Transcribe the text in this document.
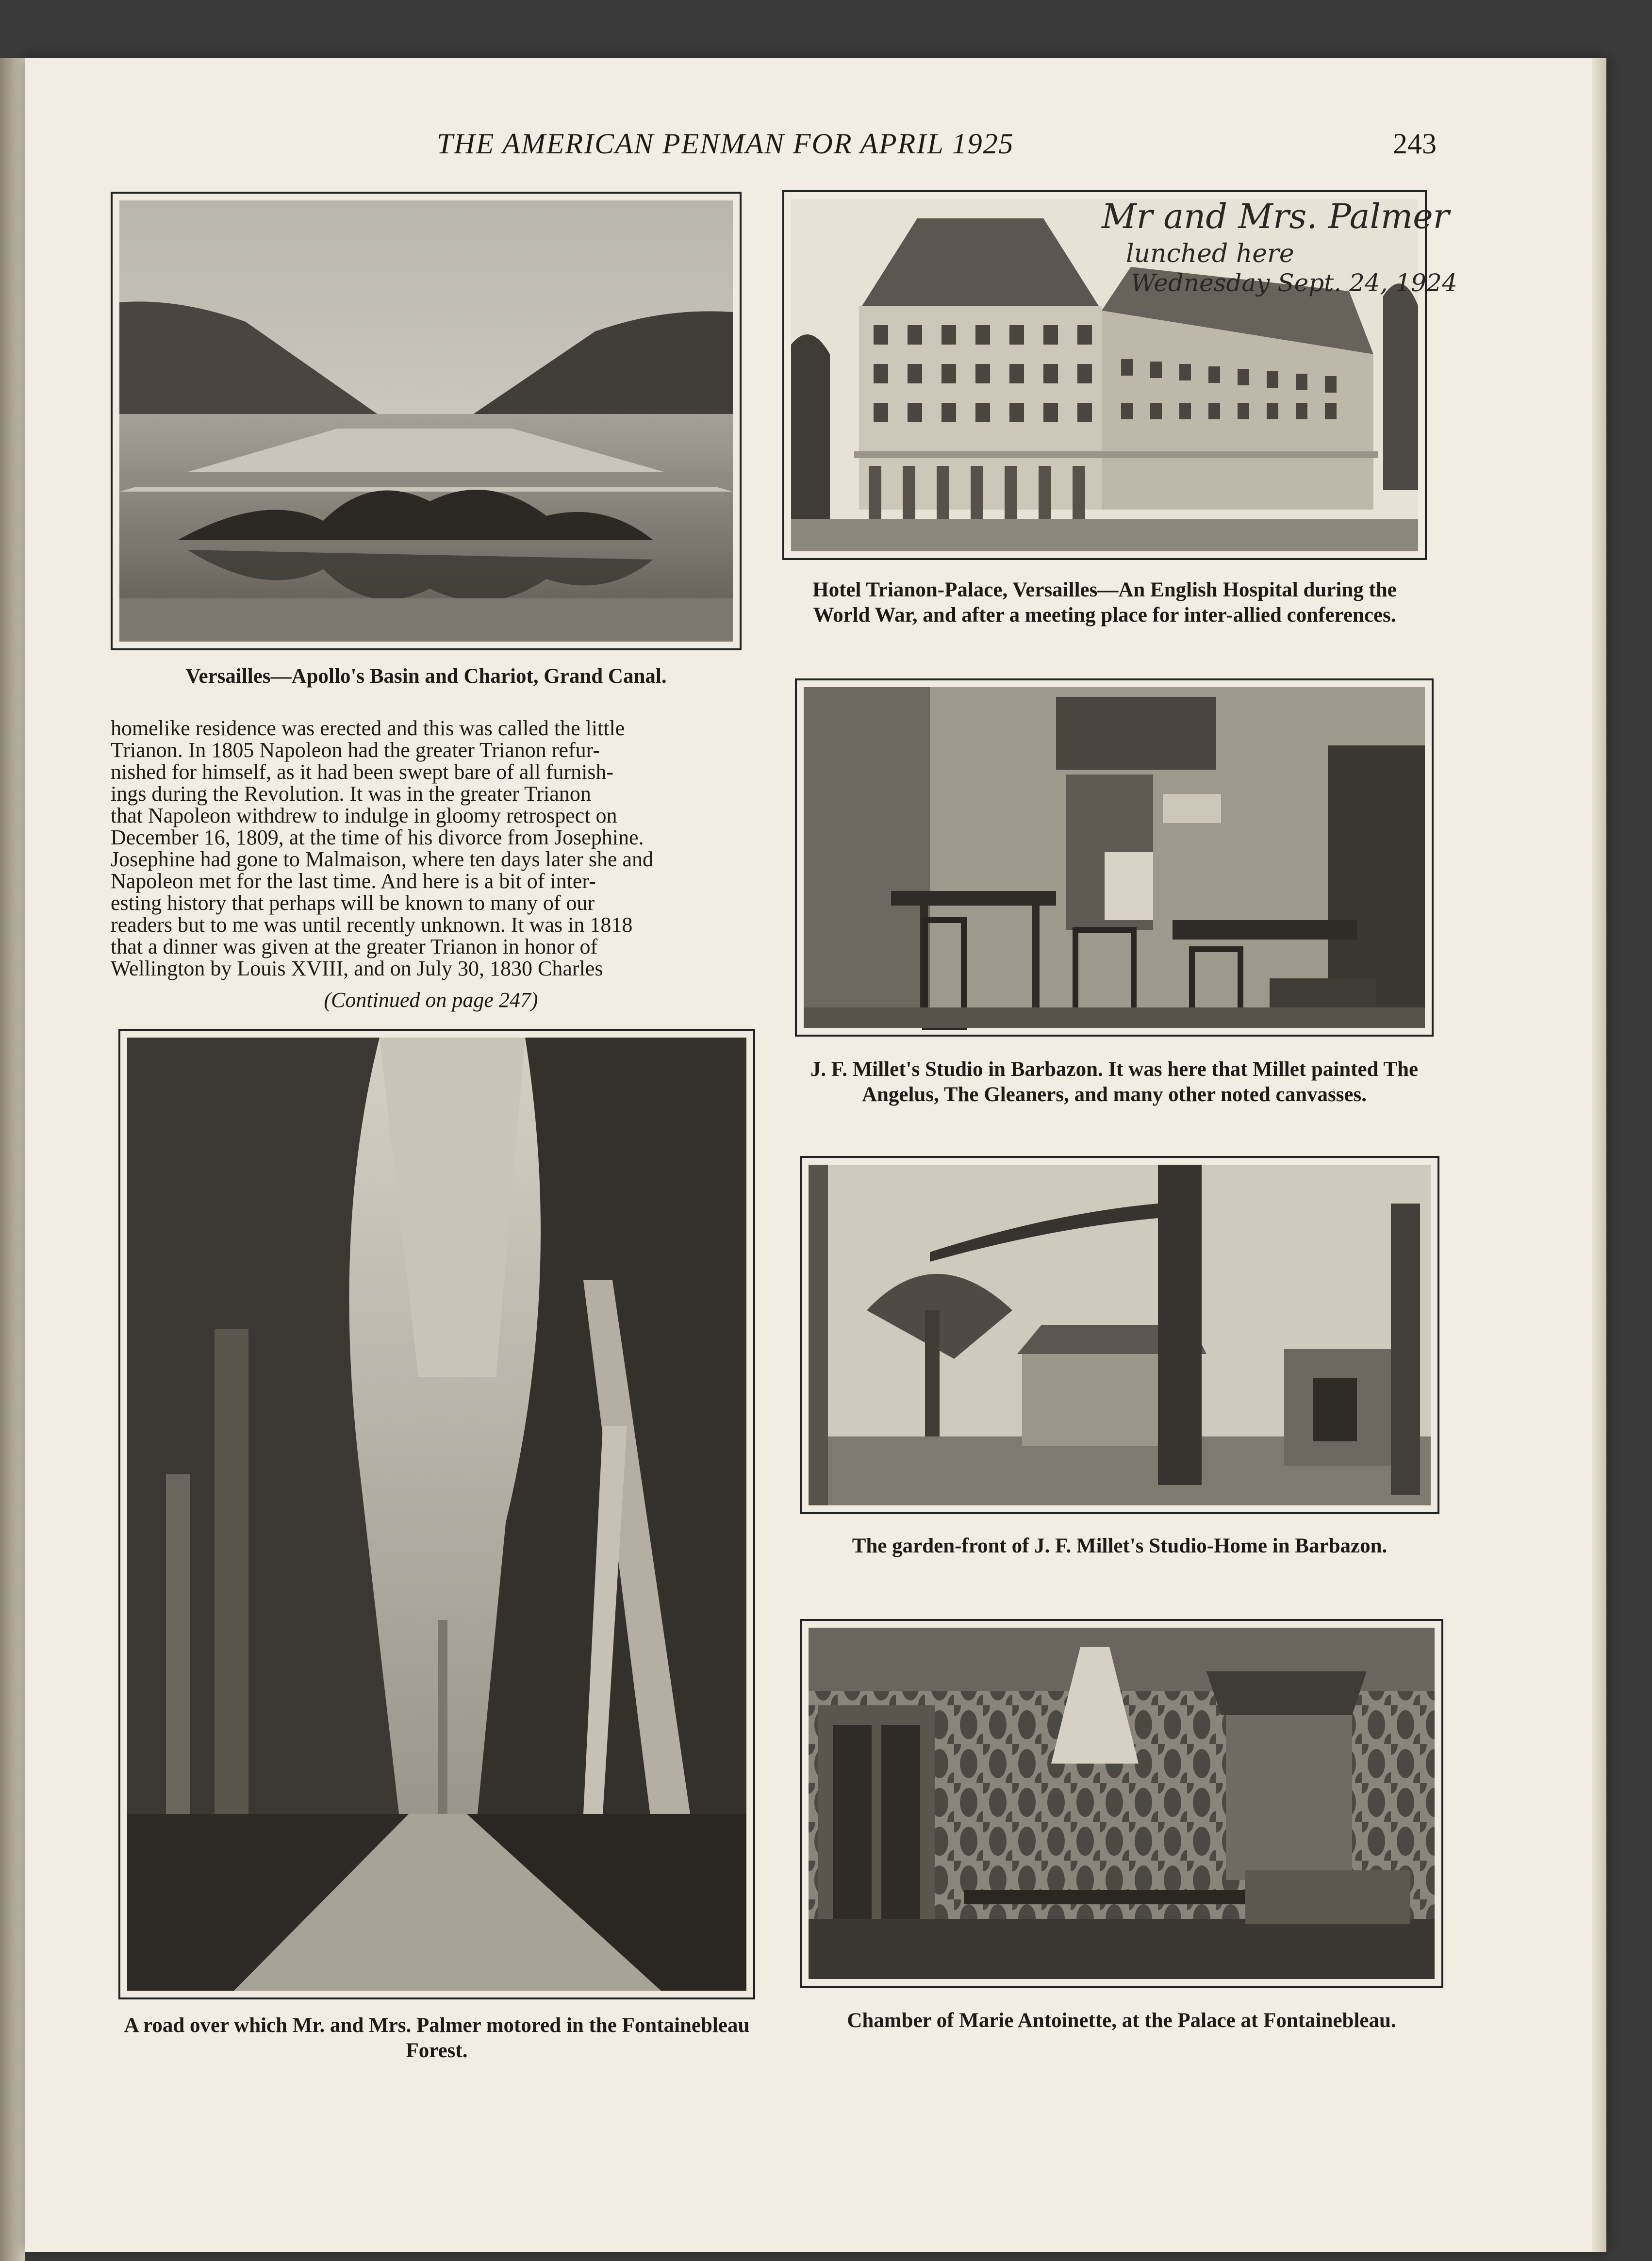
THE AMERICAN PENMAN FOR APRIL 1925	243
Versailles—Apollo's Basin and Chariot, Grand Canal.
Mr and Mrs. Palmer
lunched here
Wednesday Sept. 24, 1924
Hotel Trianon-Palace, Versailles—An English Hospital during the World War, and after a meeting place for inter-allied conferences.
homelike residence was erected and this was called the little
Trianon. In 1805 Napoleon had the greater Trianon refur-
nished for himself, as it had been swept bare of all furnish-
ings during the Revolution. It was in the greater Trianon
that Napoleon withdrew to indulge in gloomy retrospect on
December 16, 1809, at the time of his divorce from Josephine.
Josephine had gone to Malmaison, where ten days later she and
Napoleon met for the last time. And here is a bit of inter-
esting history that perhaps will be known to many of our
readers but to me was until recently unknown. It was in 1818
that a dinner was given at the greater Trianon in honor of
Wellington by Louis XVIII, and on July 30, 1830 Charles
(Continued on page 247)
J. F. Millet's Studio in Barbazon. It was here that Millet painted The Angelus, The Gleaners, and many other noted canvasses.
A road over which Mr. and Mrs. Palmer motored in the Fontainebleau Forest.
The garden-front of J. F. Millet's Studio-Home in Barbazon.
Chamber of Marie Antoinette, at the Palace at Fontainebleau.
